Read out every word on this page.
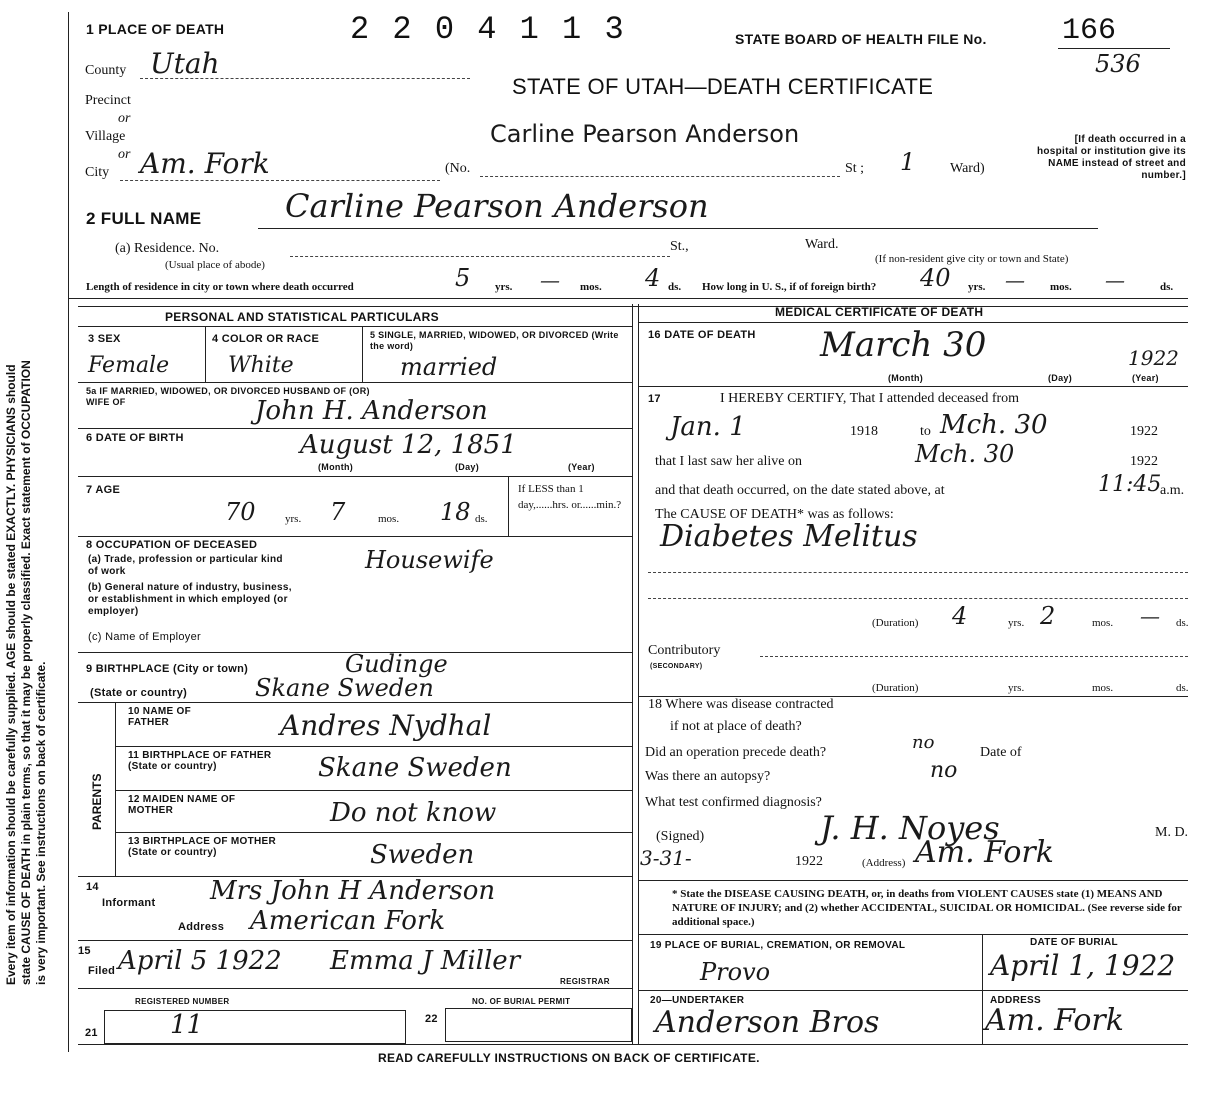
Every item of information should be carefully supplied. AGE should be stated EXACTLY. PHYSICIANS should state CAUSE OF DEATH in plain terms, so that it may be properly classified. Exact statement of OCCUPATION is very important. See instructions on back of certificate.
1 PLACE OF DEATH	2 2 0 4 1 1 3	STATE BOARD OF HEALTH FILE No.	166
536
STATE OF UTAH—DEATH CERTIFICATE
County Utah
Precinct
or
Village
or
City Am. Fork	(No.	St ; 1 Ward)
Carline Pearson Anderson	[If death occurred in a hospital or institution give its NAME instead of street and number.]
2 FULL NAME	Carline Pearson Anderson
(a) Residence. No.	St.,	Ward.
(If non-resident give city or town and State)
(Usual place of abode)
Length of residence in city or town where death occurred	5 yrs. — mos. 4 ds. How long in U. S., if of foreign birth? 40 yrs. — mos. —	ds.
PERSONAL AND STATISTICAL PARTICULARS
3 SEX
Female
4 COLOR OR RACE
White
5 SINGLE, MARRIED, WIDOWED, OR DIVORCED (Write the word)
married
5a IF MARRIED, WIDOWED, OR DIVORCED HUSBAND OF (OR) WIFE OF	John H. Anderson
6 DATE OF BIRTH	August 12, 1851
(Month)	(Day)	(Year)
7 AGE
70	yrs. 7	mos. 18 ds.
If LESS than 1 day,......hrs. or......min.?
8 OCCUPATION OF DECEASED
(a) Trade, profession or particular kind of work	Housewife
(b) General nature of industry, business, or establishment in which employed (or employer)
(c) Name of Employer
9 BIRTHPLACE (City or town)	Gudinge
(State or country)	Skane Sweden
PARENTS
10 NAME OF FATHER	Andres Nydhal
11 BIRTHPLACE OF FATHER (State or country)	Skane Sweden
12 MAIDEN NAME OF MOTHER	Do not know
13 BIRTHPLACE OF MOTHER (State or country)	Sweden
14
Informant Mrs John H Anderson
Address American Fork
15
Filed April 5 1922 Emma J Miller
REGISTRAR
REGISTERED NUMBER
21	11	22
NO. OF BURIAL PERMIT
MEDICAL CERTIFICATE OF DEATH
16 DATE OF DEATH March 30	1922
(Month)	(Day)	(Year)
17	I HEREBY CERTIFY, That I attended deceased from
Jan. 1	1918	to Mch. 30	1922
that I last saw her alive on	Mch. 30	1922
and that death occurred, on the date stated above, at	11:45
a.m.
The CAUSE OF DEATH* was as follows:
Diabetes Melitus
(Duration) 4	yrs. 2	mos. — ds.
Contributory
(SECONDARY)
(Duration)	yrs.	mos.	ds.
18 Where was disease contracted
if not at place of death?
Did an operation precede death?	no	Date of
Was there an autopsy?	no
What test confirmed diagnosis?
(Signed)	J. H. Noyes	M. D.
3-31-	1922	(Address) Am. Fork
* State the DISEASE CAUSING DEATH, or, in deaths from VIOLENT CAUSES state (1) MEANS AND NATURE OF INJURY; and (2) whether ACCIDENTAL, SUICIDAL OR HOMICIDAL. (See reverse side for additional space.)
19 PLACE OF BURIAL, CREMATION, OR REMOVAL
Provo
DATE OF BURIAL
April 1, 1922
20—UNDERTAKER
Anderson Bros
ADDRESS
Am. Fork
READ CAREFULLY INSTRUCTIONS ON BACK OF CERTIFICATE.
